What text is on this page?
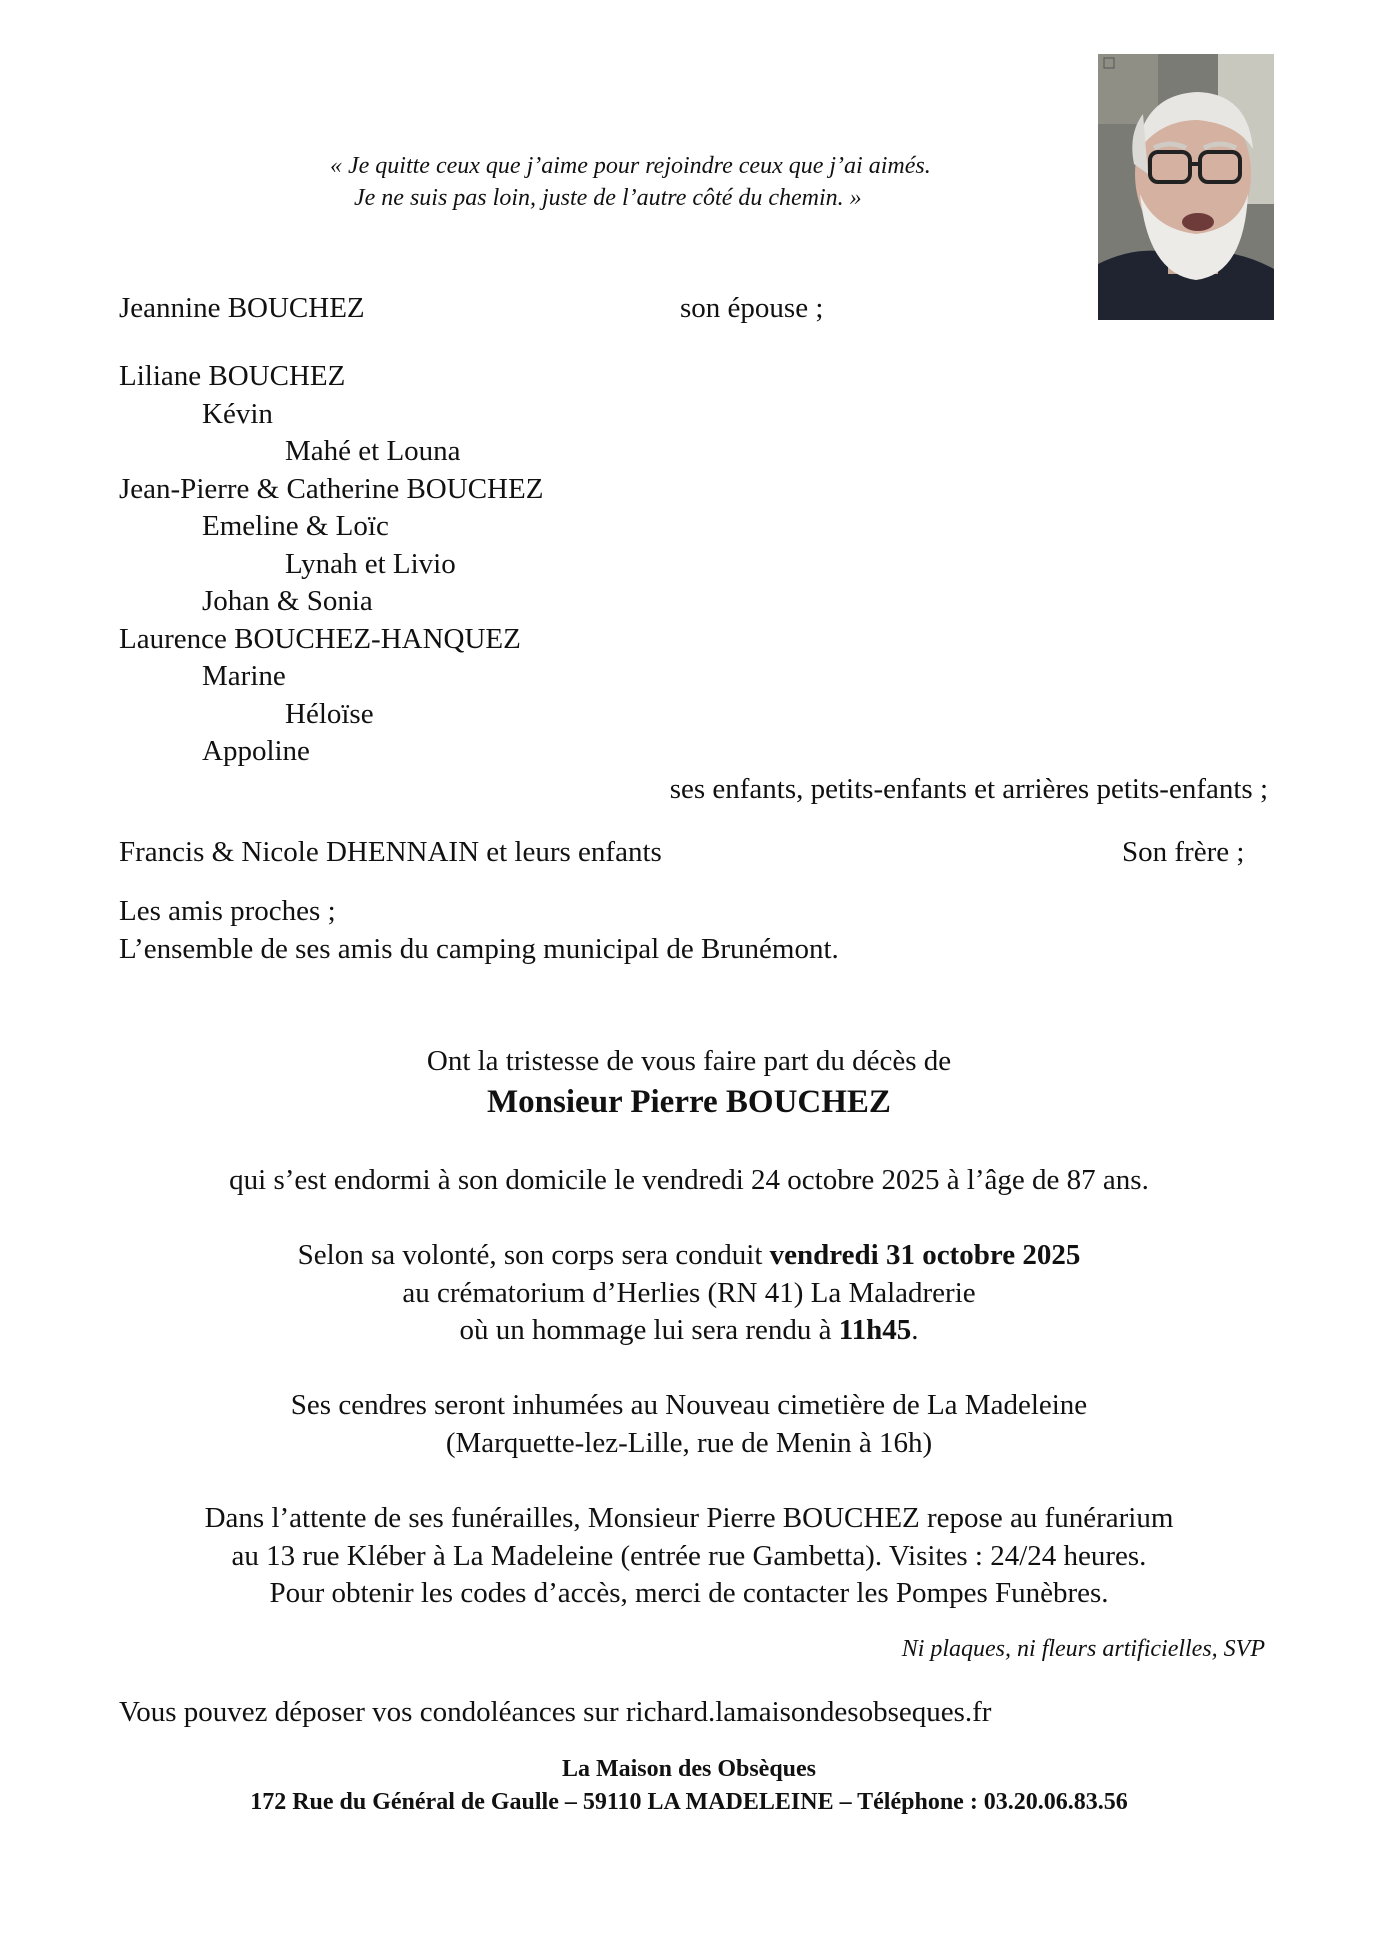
« Je quitte ceux que j’aime pour rejoindre ceux que j’ai aimés.
Je ne suis pas loin, juste de l’autre côté du chemin. »
Jeannine BOUCHEZ	son épouse ;
Liliane BOUCHEZ
Kévin
Mahé et Louna
Jean-Pierre & Catherine BOUCHEZ
Emeline & Loïc
Lynah et Livio
Johan & Sonia
Laurence BOUCHEZ-HANQUEZ
Marine
Héloïse
Appoline
ses enfants, petits-enfants et arrières petits-enfants ;
Francis & Nicole DHENNAIN et leurs enfants	Son frère ;
Les amis proches ;
L’ensemble de ses amis du camping municipal de Brunémont.
Ont la tristesse de vous faire part du décès de
Monsieur Pierre BOUCHEZ
qui s’est endormi à son domicile le vendredi 24 octobre 2025 à l’âge de 87 ans.
Selon sa volonté, son corps sera conduit vendredi 31 octobre 2025
au crématorium d’Herlies (RN 41) La Maladrerie
où un hommage lui sera rendu à 11h45.
Ses cendres seront inhumées au Nouveau cimetière de La Madeleine
(Marquette-lez-Lille, rue de Menin à 16h)
Dans l’attente de ses funérailles, Monsieur Pierre BOUCHEZ repose au funérarium
au 13 rue Kléber à La Madeleine (entrée rue Gambetta). Visites : 24/24 heures.
Pour obtenir les codes d’accès, merci de contacter les Pompes Funèbres.
Ni plaques, ni fleurs artificielles, SVP
Vous pouvez déposer vos condoléances sur richard.lamaisondesobseques.fr
La Maison des Obsèques
172 Rue du Général de Gaulle – 59110 LA MADELEINE – Téléphone : 03.20.06.83.56
